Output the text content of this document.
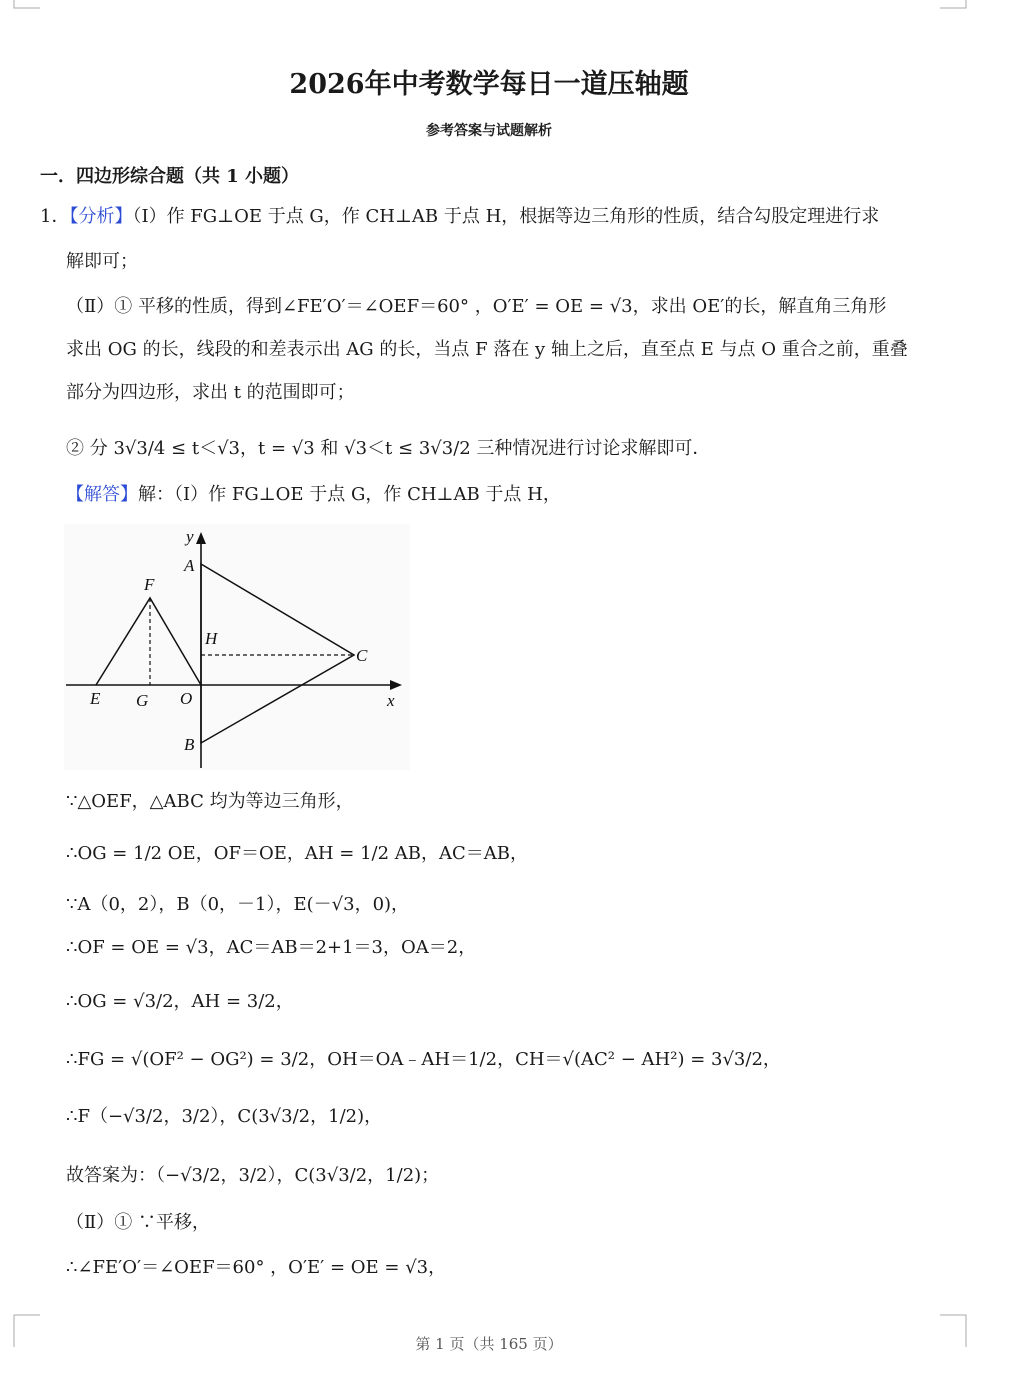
2026年中考数学每日一道压轴题
参考答案与试题解析
一．四边形综合题（共 1 小题）
1．【分析】（Ⅰ）作 FG⊥OE 于点 G，作 CH⊥AB 于点 H，根据等边三角形的性质，结合勾股定理进行求
解即可；
（Ⅱ）① 平移的性质，得到∠FE′O′＝∠OEF＝60° ，O′E′ = OE = √3，求出 OE′的长，解直角三角形
求出 OG 的长，线段的和差表示出 AG 的长，当点 F 落在 y 轴上之后，直至点 E 与点 O 重合之前，重叠
部分为四边形，求出 t 的范围即可；
② 分 3√3/4 ≤ t＜√3，t = √3 和 √3＜t ≤ 3√3/2 三种情况进行讨论求解即可．
【解答】解：（Ⅰ）作 FG⊥OE 于点 G，作 CH⊥AB 于点 H，
y
x
A
F
H
C
E G O
B
∵△OEF，△ABC 均为等边三角形，
∴OG = 1/2 OE，OF＝OE，AH = 1/2 AB，AC＝AB，
∵A（0，2），B（0，－1），E(－√3，0)，
∴OF = OE = √3，AC＝AB＝2+1＝3，OA＝2，
∴OG = √3/2，AH = 3/2，
∴FG = √(OF² − OG²) = 3/2，OH＝OA﹣AH＝1/2，CH＝√(AC² − AH²) = 3√3/2，
∴F（−√3/2，3/2），C(3√3/2，1/2)，
故答案为：（−√3/2，3/2），C(3√3/2，1/2)；
（Ⅱ）① ∵平移，
∴∠FE′O′＝∠OEF＝60° ，O′E′ = OE = √3，
第 1 页（共 165 页）
